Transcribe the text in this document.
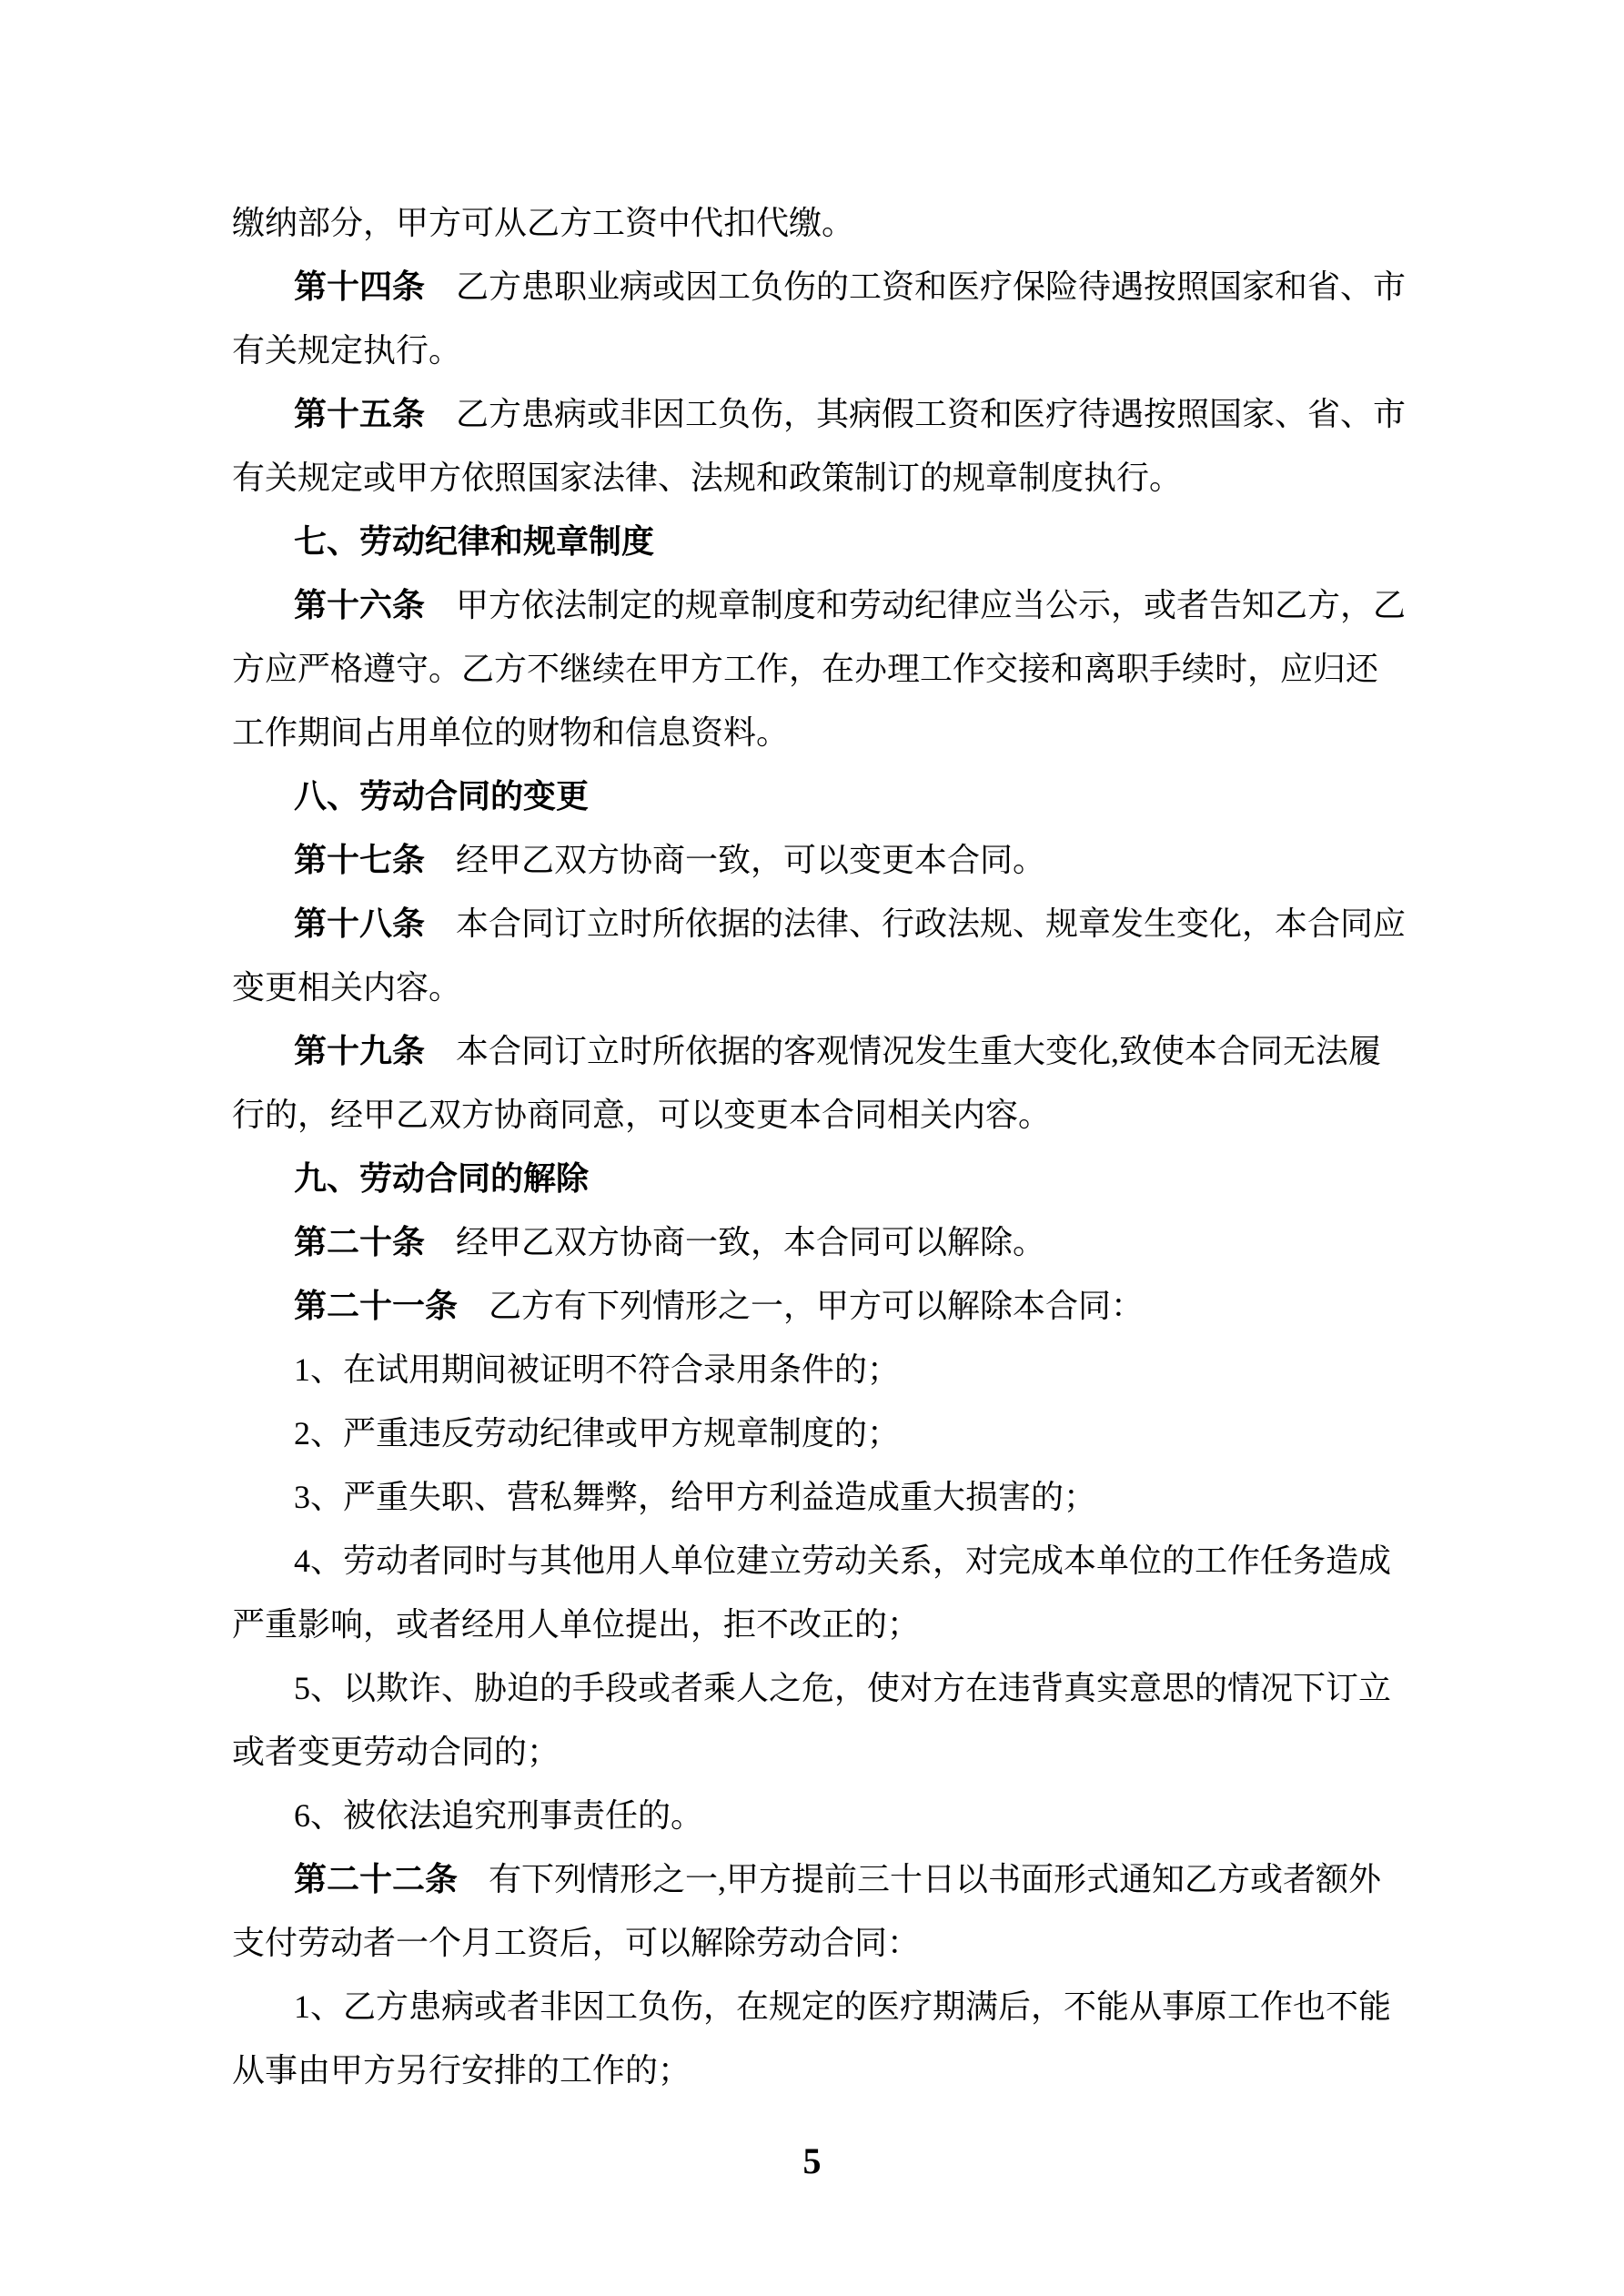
缴纳部分，甲方可从乙方工资中代扣代缴。
第十四条 乙方患职业病或因工负伤的工资和医疗保险待遇按照国家和省、市
有关规定执行。
第十五条 乙方患病或非因工负伤，其病假工资和医疗待遇按照国家、省、市
有关规定或甲方依照国家法律、法规和政策制订的规章制度执行。
七、劳动纪律和规章制度
第十六条 甲方依法制定的规章制度和劳动纪律应当公示，或者告知乙方，乙
方应严格遵守。乙方不继续在甲方工作，在办理工作交接和离职手续时，应归还
工作期间占用单位的财物和信息资料。
八、劳动合同的变更
第十七条 经甲乙双方协商一致，可以变更本合同。
第十八条 本合同订立时所依据的法律、行政法规、规章发生变化，本合同应
变更相关内容。
第十九条 本合同订立时所依据的客观情况发生重大变化,致使本合同无法履
行的，经甲乙双方协商同意，可以变更本合同相关内容。
九、劳动合同的解除
第二十条 经甲乙双方协商一致，本合同可以解除。
第二十一条 乙方有下列情形之一，甲方可以解除本合同：
1、在试用期间被证明不符合录用条件的；
2、严重违反劳动纪律或甲方规章制度的；
3、严重失职、营私舞弊，给甲方利益造成重大损害的；
4、劳动者同时与其他用人单位建立劳动关系，对完成本单位的工作任务造成
严重影响，或者经用人单位提出，拒不改正的；
5、以欺诈、胁迫的手段或者乘人之危，使对方在违背真实意思的情况下订立
或者变更劳动合同的；
6、被依法追究刑事责任的。
第二十二条 有下列情形之一,甲方提前三十日以书面形式通知乙方或者额外
支付劳动者一个月工资后，可以解除劳动合同：
1、乙方患病或者非因工负伤，在规定的医疗期满后，不能从事原工作也不能
从事由甲方另行安排的工作的；
5
